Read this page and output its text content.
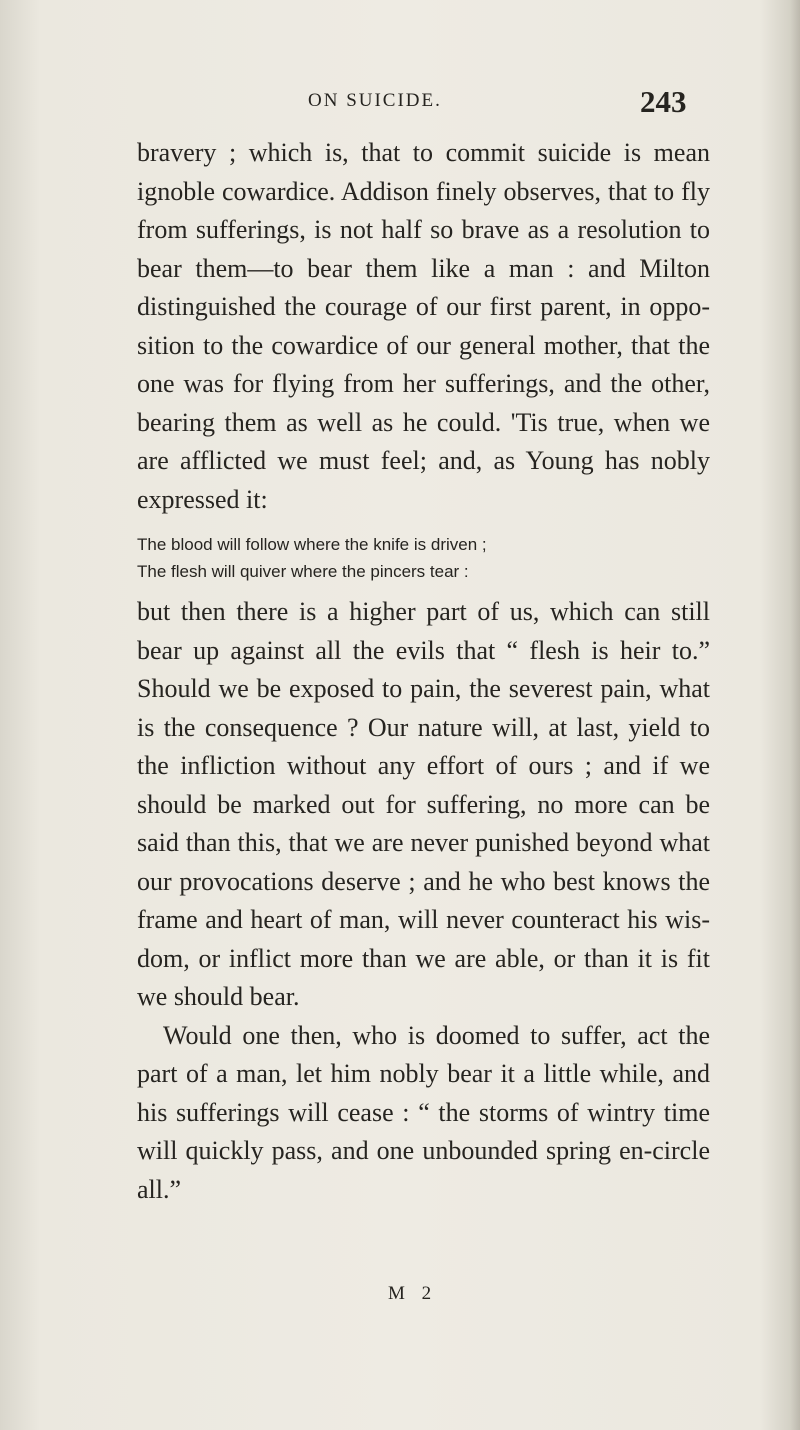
ON SUICIDE.	243

bravery ; which is, that to commit suicide is mean ignoble cowardice. Addison finely observes, that to fly from sufferings, is not half so brave as a resolution to bear them—to bear them like a man : and Milton distinguished the courage of our first parent, in oppo-sition to the cowardice of our general mother, that the one was for flying from her sufferings, and the other, bearing them as well as he could. 'Tis true, when we are afflicted we must feel; and, as Young has nobly expressed it:

The blood will follow where the knife is driven ;

The flesh will quiver where the pincers tear :

but then there is a higher part of us, which can still bear up against all the evils that “ flesh is heir to.” Should we be exposed to pain, the severest pain, what is the consequence ? Our nature will, at last, yield to the infliction without any effort of ours ; and if we should be marked out for suffering, no more can be said than this, that we are never punished beyond what our provocations deserve ; and he who best knows the frame and heart of man, will never counteract his wis-dom, or inflict more than we are able, or than it is fit we should bear.

Would one then, who is doomed to suffer, act the part of a man, let him nobly bear it a little while, and his sufferings will cease : “ the storms of wintry time will quickly pass, and one unbounded spring en-circle all.”

M 2
